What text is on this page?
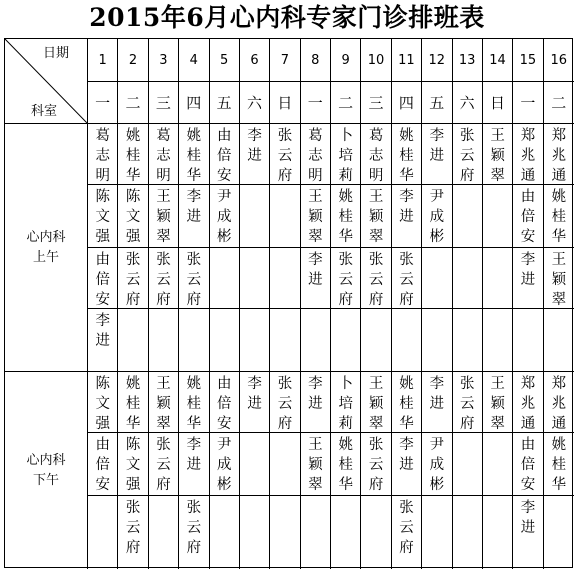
2015年6月心内科专家门诊排班表
日期
科室
1
一
2
二
3
三
4
四
5
五
6
六
7
日
8
一
9
二
10
三
11
四
12
五
13
六
14
日
15
一
16
二
心内科
上午
葛
志
明
姚
桂
华
葛
志
明
姚
桂
华
由
倍
安
李
进
张
云
府
葛
志
明
卜
培
莉
葛
志
明
姚
桂
华
李
进
张
云
府
王
颖
翠
郑
兆
通
郑
兆
通
陈
文
强
陈
文
强
王
颖
翠
李
进
尹
成
彬
王
颖
翠
姚
桂
华
王
颖
翠
李
进
尹
成
彬
由
倍
安
姚
桂
华
由
倍
安
张
云
府
张
云
府
张
云
府
李
进
张
云
府
张
云
府
张
云
府
李
进
王
颖
翠
李
进
心内科
下午
陈
文
强
姚
桂
华
王
颖
翠
姚
桂
华
由
倍
安
李
进
张
云
府
李
进
卜
培
莉
王
颖
翠
姚
桂
华
李
进
张
云
府
王
颖
翠
郑
兆
通
郑
兆
通
由
倍
安
陈
文
强
张
云
府
李
进
尹
成
彬
王
颖
翠
姚
桂
华
张
云
府
李
进
尹
成
彬
由
倍
安
姚
桂
华
张
云
府
张
云
府
张
云
府
李
进
